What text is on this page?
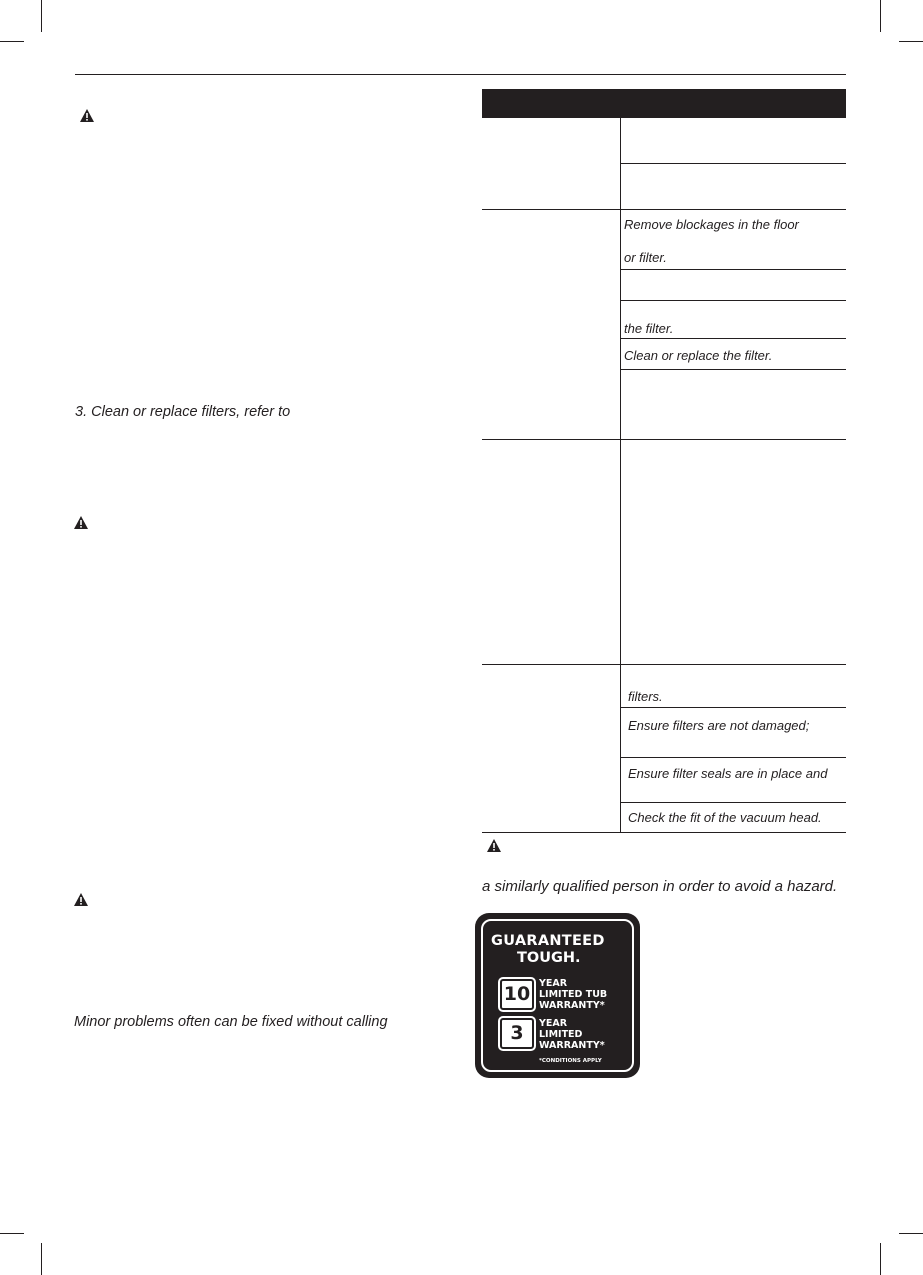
3. Clean or replace filters, refer to
Minor problems often can be fixed without calling
Remove blockages in the floor
or filter.
the filter.
Clean or replace the filter.
filters.
Ensure filters are not damaged;
Ensure filter seals are in place and
Check the fit of the vacuum head.
a similarly qualified person in order to avoid a hazard.
GUARANTEED
TOUGH.
10 YEAR
LIMITED TUB
WARRANTY*
3	YEAR
LIMITED
WARRANTY*
*CONDITIONS APPLY
